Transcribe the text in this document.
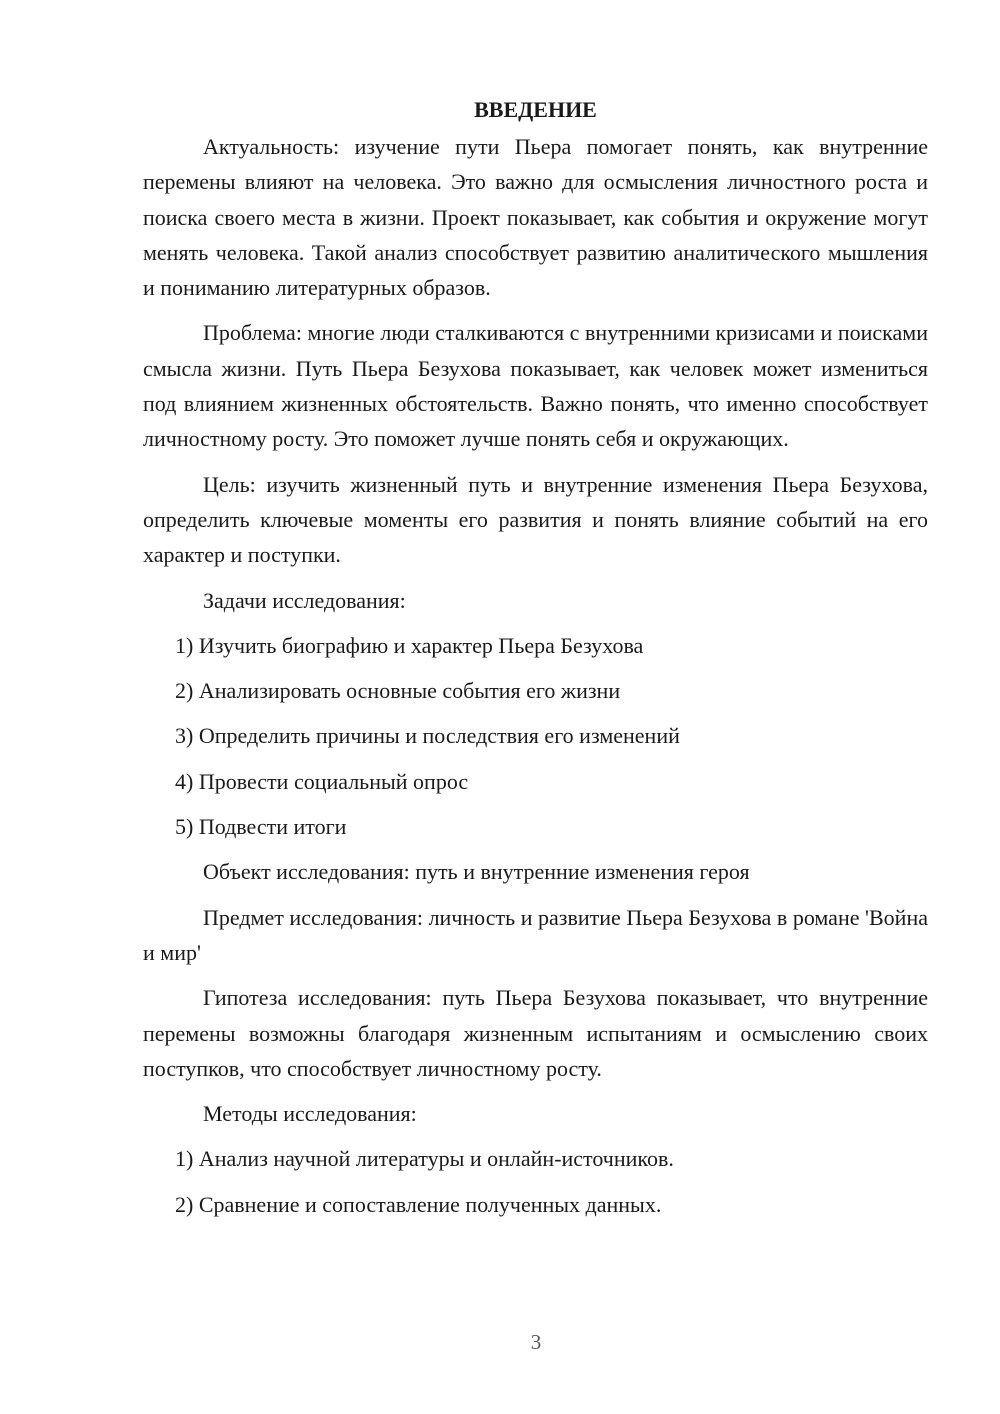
ВВЕДЕНИЕ

Актуальность: изучение пути Пьера помогает понять, как внутренние перемены влияют на человека. Это важно для осмысления личностного роста и поиска своего места в жизни. Проект показывает, как события и окружение могут менять человека. Такой анализ способствует развитию аналитического мышления и пониманию литературных образов.

Проблема: многие люди сталкиваются с внутренними кризисами и поисками смысла жизни. Путь Пьера Безухова показывает, как человек может измениться под влиянием жизненных обстоятельств. Важно понять, что именно способствует личностному росту. Это поможет лучше понять себя и окружающих.

Цель: изучить жизненный путь и внутренние изменения Пьера Безухова, определить ключевые моменты его развития и понять влияние событий на его характер и поступки.

Задачи исследования:

1) Изучить биографию и характер Пьера Безухова

2) Анализировать основные события его жизни

3) Определить причины и последствия его изменений

4) Провести социальный опрос

5) Подвести итоги

Объект исследования: путь и внутренние изменения героя

Предмет исследования: личность и развитие Пьера Безухова в романе 'Война и мир'

Гипотеза исследования: путь Пьера Безухова показывает, что внутренние перемены возможны благодаря жизненным испытаниям и осмыслению своих поступков, что способствует личностному росту.

Методы исследования:

1) Анализ научной литературы и онлайн-источников.

2) Сравнение и сопоставление полученных данных.

3
